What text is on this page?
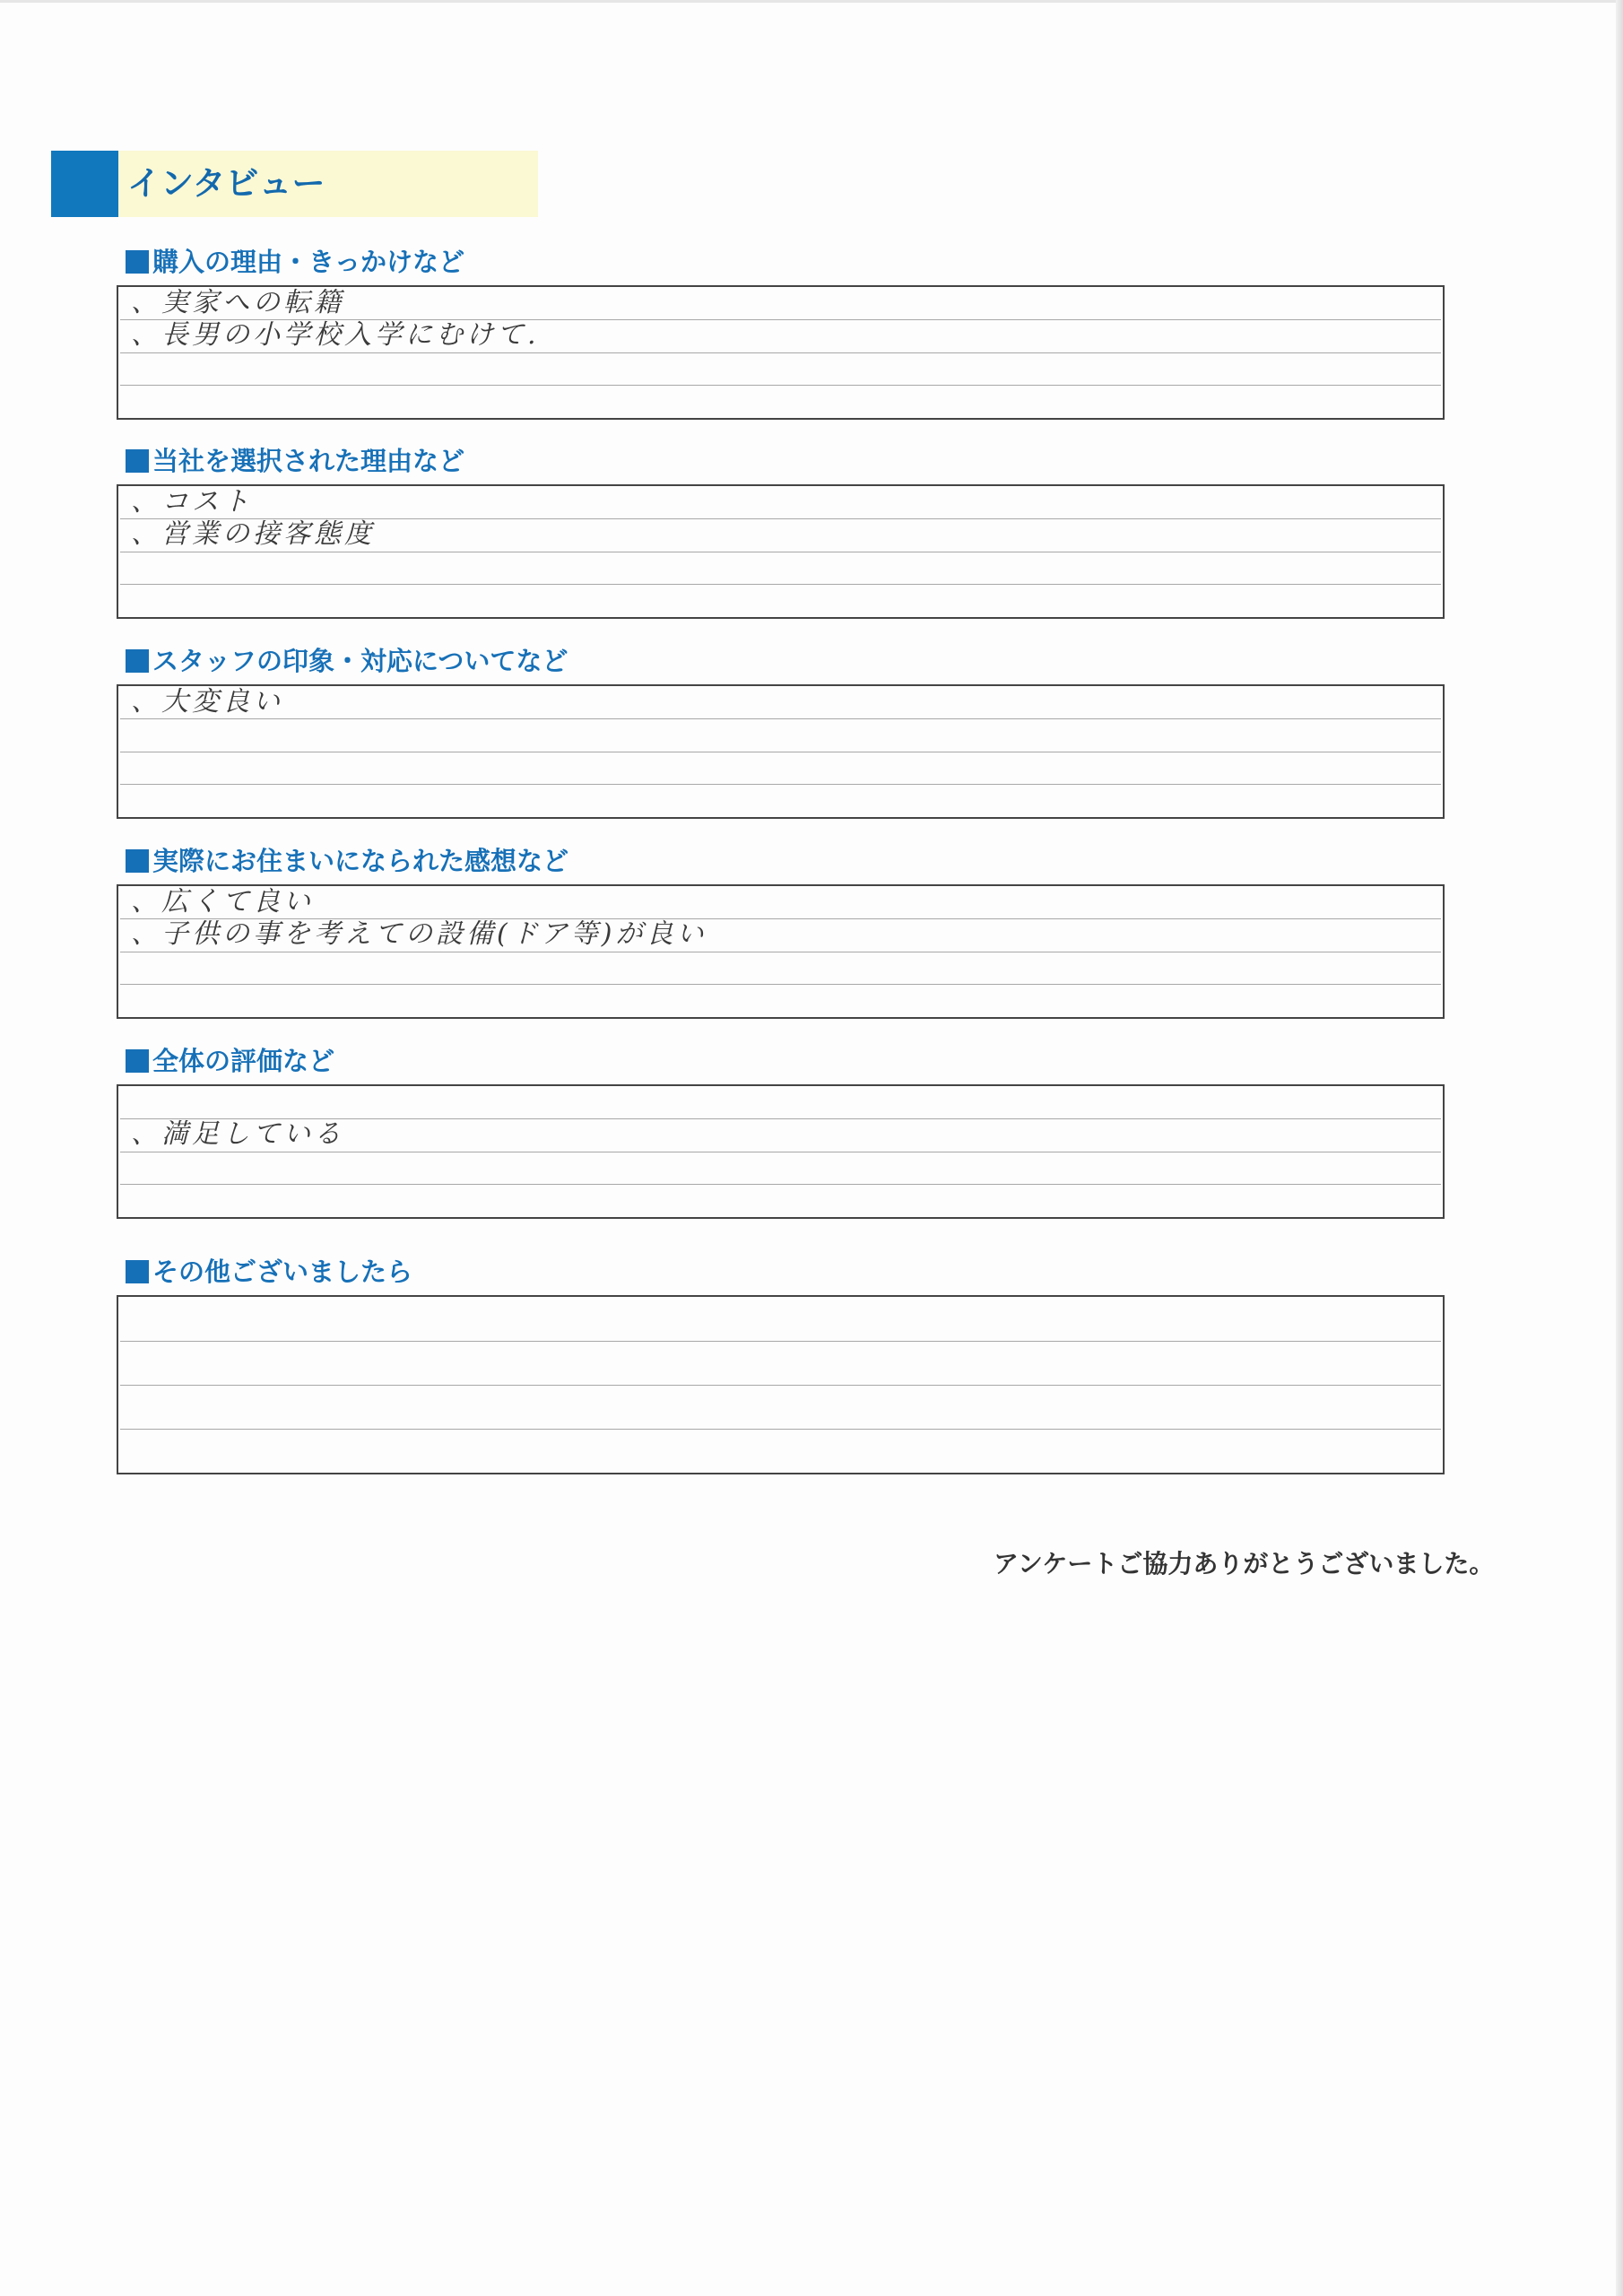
インタビュー
購入の理由・きっかけなど
、実家への転籍
、長男の小学校入学にむけて.
当社を選択された理由など
、コスト
、営業の接客態度
スタッフの印象・対応についてなど
、大変良い
実際にお住まいになられた感想など
、広くて良い
、子供の事を考えての設備(ドア等)が良い
全体の評価など
、満足している
その他ございましたら
アンケートご協力ありがとうございました。
